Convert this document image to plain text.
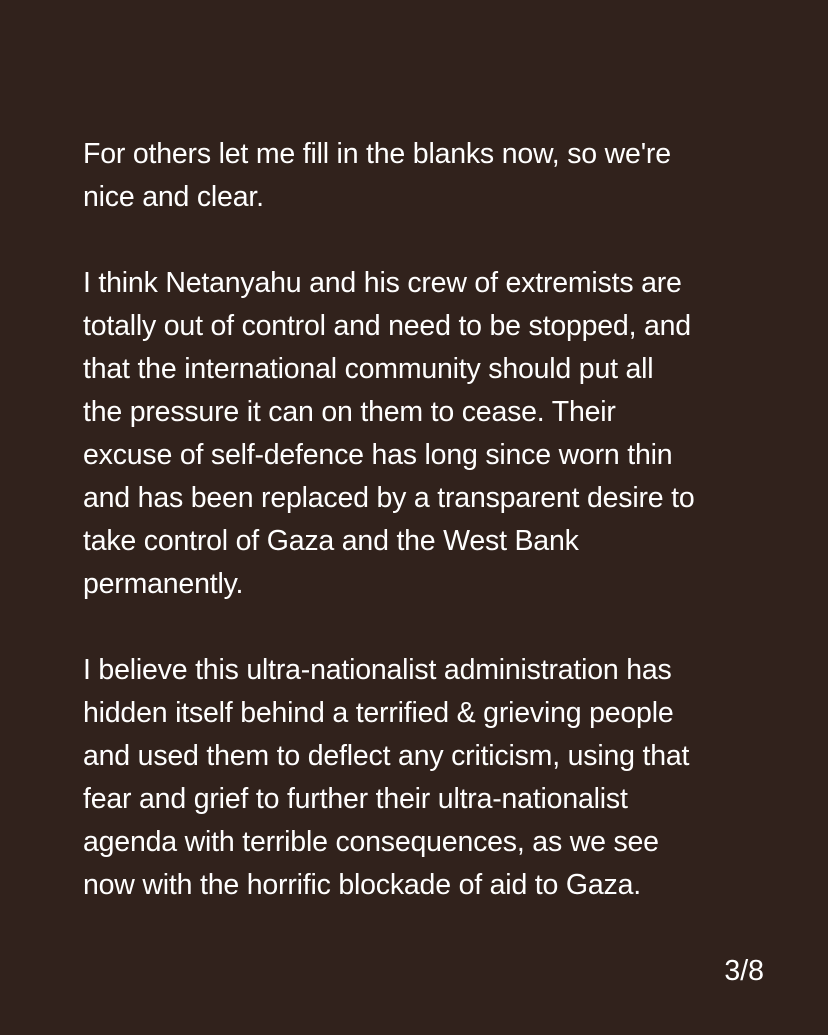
For others let me fill in the blanks now, so we're
nice and clear.

I think Netanyahu and his crew of extremists are
totally out of control and need to be stopped, and
that the international community should put all
the pressure it can on them to cease. Their
excuse of self-defence has long since worn thin
and has been replaced by a transparent desire to
take control of Gaza and the West Bank
permanently.

I believe this ultra-nationalist administration has
hidden itself behind a terrified & grieving people
and used them to deflect any criticism, using that
fear and grief to further their ultra-nationalist
agenda with terrible consequences, as we see
now with the horrific blockade of aid to Gaza.

3/8
